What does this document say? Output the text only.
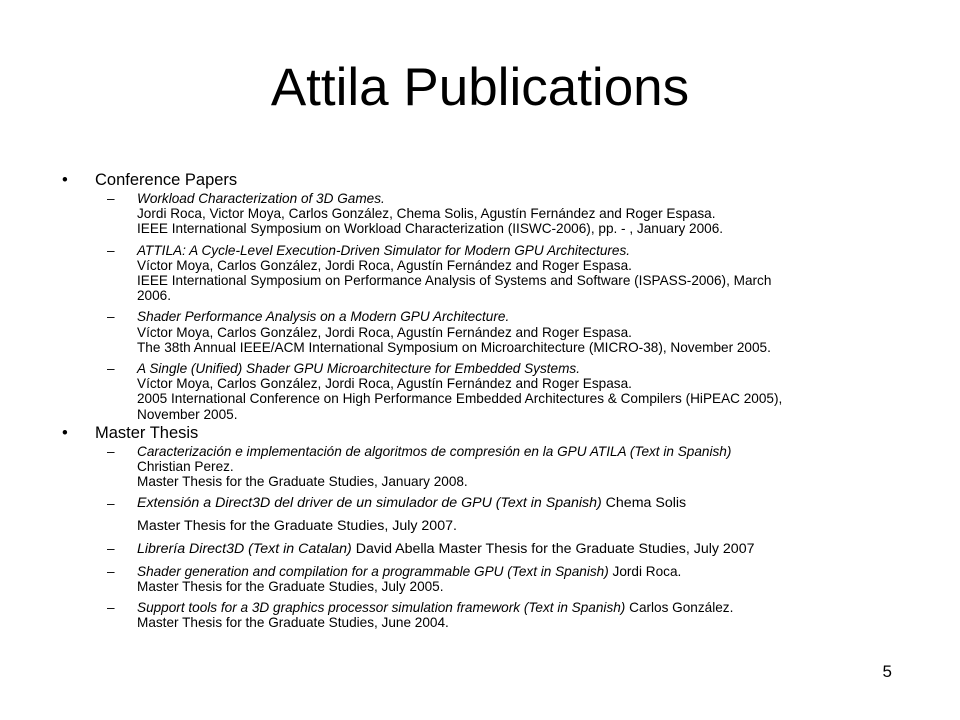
Attila Publications
• Conference Papers
– Workload Characterization of 3D Games.
Jordi Roca, Victor Moya, Carlos González, Chema Solis, Agustín Fernández and Roger Espasa.
IEEE International Symposium on Workload Characterization (IISWC-2006), pp. - , January 2006.
– ATTILA: A Cycle-Level Execution-Driven Simulator for Modern GPU Architectures.
Víctor Moya, Carlos González, Jordi Roca, Agustín Fernández and Roger Espasa.
IEEE International Symposium on Performance Analysis of Systems and Software (ISPASS-2006), March
2006.
– Shader Performance Analysis on a Modern GPU Architecture.
Víctor Moya, Carlos González, Jordi Roca, Agustín Fernández and Roger Espasa.
The 38th Annual IEEE/ACM International Symposium on Microarchitecture (MICRO-38), November 2005.
– A Single (Unified) Shader GPU Microarchitecture for Embedded Systems.
Víctor Moya, Carlos González, Jordi Roca, Agustín Fernández and Roger Espasa.
2005 International Conference on High Performance Embedded Architectures & Compilers (HiPEAC 2005),
November 2005.
• Master Thesis
– Caracterización e implementación de algoritmos de compresión en la GPU ATILA (Text in Spanish)
Christian Perez.
Master Thesis for the Graduate Studies, January 2008.
– Extensión a Direct3D del driver de un simulador de GPU (Text in Spanish) Chema Solis
Master Thesis for the Graduate Studies, July 2007.
– Librería Direct3D (Text in Catalan) David Abella Master Thesis for the Graduate Studies, July 2007
– Shader generation and compilation for a programmable GPU (Text in Spanish) Jordi Roca.
Master Thesis for the Graduate Studies, July 2005.
– Support tools for a 3D graphics processor simulation framework (Text in Spanish) Carlos González.
Master Thesis for the Graduate Studies, June 2004.
5
